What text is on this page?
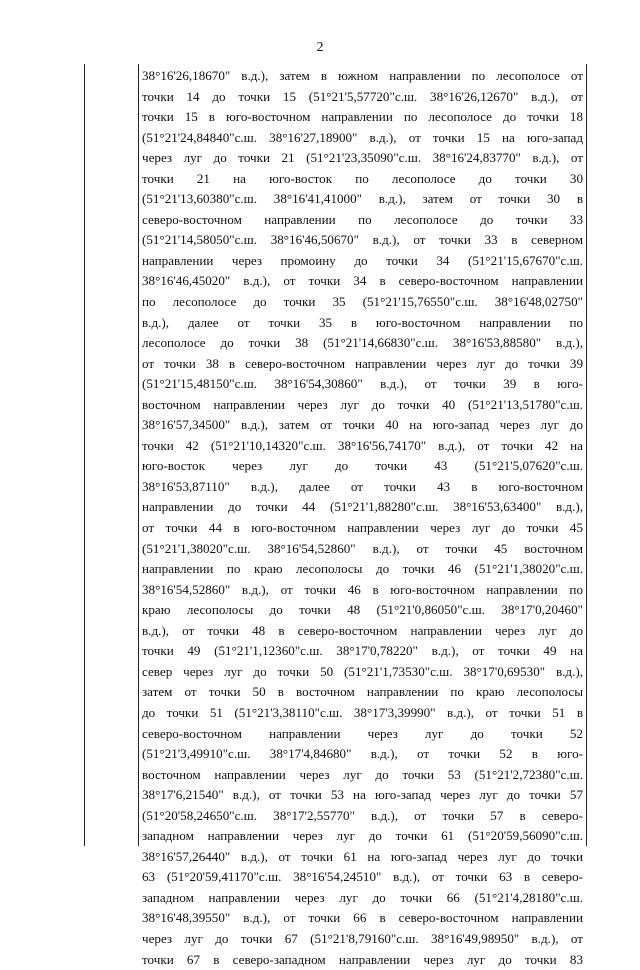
2
38°16'26,18670" в.д.), затем в южном направлении по лесополосе от
точки 14 до точки 15 (51°21'5,57720"с.ш. 38°16'26,12670" в.д.), от
точки 15 в юго-восточном направлении по лесополосе до точки 18
(51°21'24,84840"с.ш. 38°16'27,18900" в.д.), от точки 15 на юго-запад
через луг до точки 21 (51°21'23,35090"с.ш. 38°16'24,83770" в.д.), от
точки 21 на юго-восток по лесополосе до точки 30
(51°21'13,60380"с.ш. 38°16'41,41000" в.д.), затем от точки 30 в
северо-восточном направлении по лесополосе до точки 33
(51°21'14,58050"с.ш. 38°16'46,50670" в.д.), от точки 33 в северном
направлении через промоину до точки 34 (51°21'15,67670"с.ш.
38°16'46,45020" в.д.), от точки 34 в северо-восточном направлении
по лесополосе до точки 35 (51°21'15,76550"с.ш. 38°16'48,02750"
в.д.), далее от точки 35 в юго-восточном направлении по
лесополосе до точки 38 (51°21'14,66830"с.ш. 38°16'53,88580" в.д.),
от точки 38 в северо-восточном направлении через луг до точки 39
(51°21'15,48150"с.ш. 38°16'54,30860" в.д.), от точки 39 в юго-
восточном направлении через луг до точки 40 (51°21'13,51780"с.ш.
38°16'57,34500" в.д.), затем от точки 40 на юго-запад через луг до
точки 42 (51°21'10,14320"с.ш. 38°16'56,74170" в.д.), от точки 42 на
юго-восток через луг до точки 43 (51°21'5,07620"с.ш.
38°16'53,87110" в.д.), далее от точки 43 в юго-восточном
направлении до точки 44 (51°21'1,88280"с.ш. 38°16'53,63400" в.д.),
от точки 44 в юго-восточном направлении через луг до точки 45
(51°21'1,38020"с.ш. 38°16'54,52860" в.д.), от точки 45 восточном
направлении по краю лесополосы до точки 46 (51°21'1,38020"с.ш.
38°16'54,52860" в.д.), от точки 46 в юго-восточном направлении по
краю лесополосы до точки 48 (51°21'0,86050"с.ш. 38°17'0,20460"
в.д.), от точки 48 в северо-восточном направлении через луг до
точки 49 (51°21'1,12360"с.ш. 38°17'0,78220" в.д.), от точки 49 на
север через луг до точки 50 (51°21'1,73530"с.ш. 38°17'0,69530" в.д.),
затем от точки 50 в восточном направлении по краю лесополосы
до точки 51 (51°21'3,38110"с.ш. 38°17'3,39990" в.д.), от точки 51 в
северо-восточном направлении через луг до точки 52
(51°21'3,49910"с.ш. 38°17'4,84680" в.д.), от точки 52 в юго-
восточном направлении через луг до точки 53 (51°21'2,72380"с.ш.
38°17'6,21540" в.д.), от точки 53 на юго-запад через луг до точки 57
(51°20'58,24650"с.ш. 38°17'2,55770" в.д.), от точки 57 в северо-
западном направлении через луг до точки 61 (51°20'59,56090"с.ш.
38°16'57,26440" в.д.), от точки 61 на юго-запад через луг до точки
63 (51°20'59,41170"с.ш. 38°16'54,24510" в.д.), от точки 63 в северо-
западном направлении через луг до точки 66 (51°21'4,28180"с.ш.
38°16'48,39550" в.д.), от точки 66 в северо-восточном направлении
через луг до точки 67 (51°21'8,79160"с.ш. 38°16'49,98950" в.д.), от
точки 67 в северо-западном направлении через луг до точки 83
